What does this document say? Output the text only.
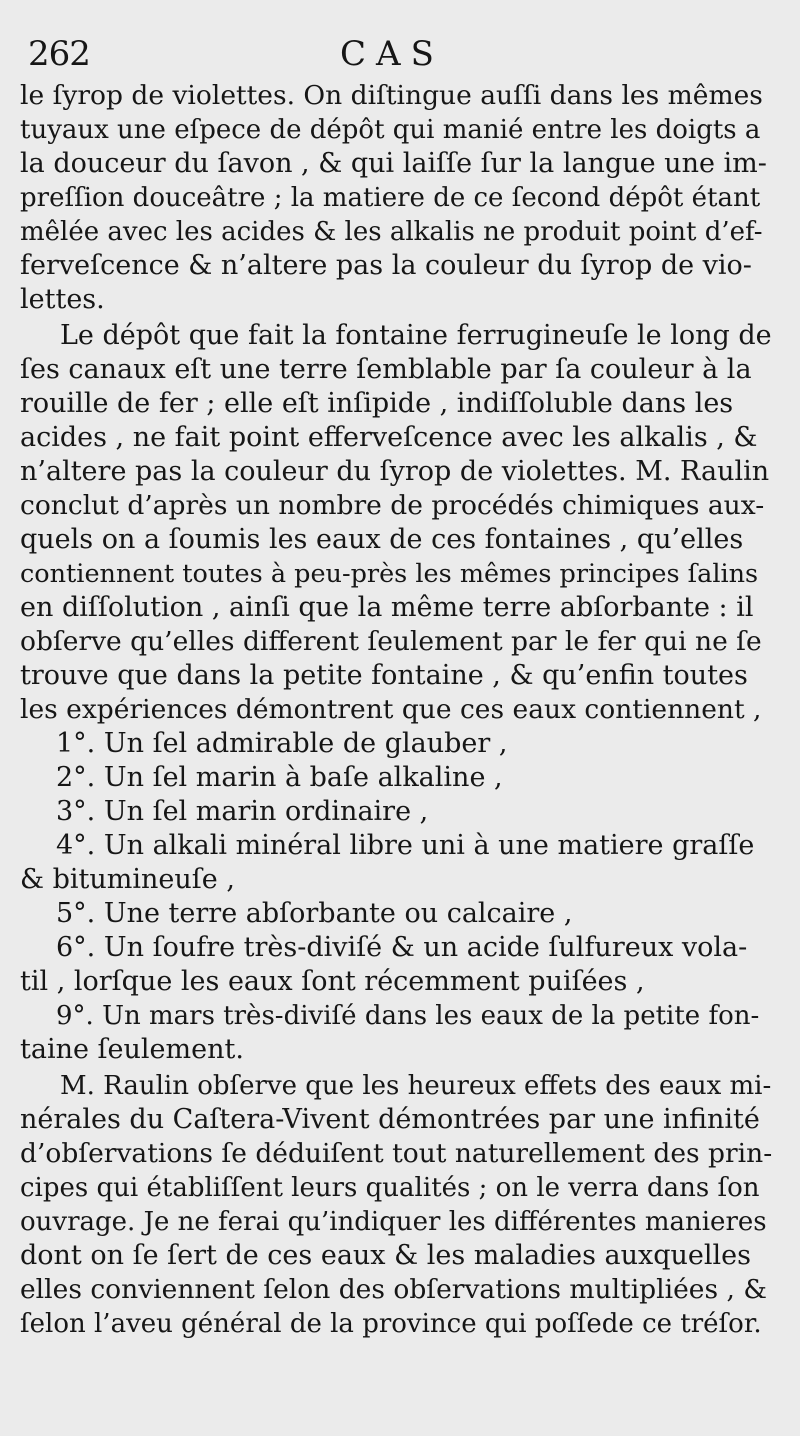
262	CAS
le ſyrop de violettes. On diſtingue auſſi dans les mêmes
tuyaux une eſpece de dépôt qui manié entre les doigts a
la douceur du ſavon , & qui laiſſe ſur la langue une im-
preſſion douceâtre ; la matiere de ce ſecond dépôt étant
mêlée avec les acides & les alkalis ne produit point d’ef-
ferveſcence & n’altere pas la couleur du ſyrop de vio-
lettes.
Le dépôt que fait la fontaine ferrugineuſe le long de
ſes canaux eſt une terre ſemblable par ſa couleur à la
rouille de fer ; elle eſt inſipide , indiſſoluble dans les
acides , ne fait point efferveſcence avec les alkalis , &
n’altere pas la couleur du ſyrop de violettes. M. Raulin
conclut d’après un nombre de procédés chimiques aux-
quels on a ſoumis les eaux de ces fontaines , qu’elles
contiennent toutes à peu-près les mêmes principes ſalins
en diſſolution , ainſi que la même terre abſorbante : il
obſerve qu’elles different ſeulement par le fer qui ne ſe
trouve que dans la petite fontaine , & qu’enfin toutes
les expériences démontrent que ces eaux contiennent ,
1°. Un ſel admirable de glauber ,
2°. Un ſel marin à baſe alkaline ,
3°. Un ſel marin ordinaire ,
4°. Un alkali minéral libre uni à une matiere graſſe
& bitumineuſe ,
5°. Une terre abſorbante ou calcaire ,
6°. Un ſoufre très-diviſé & un acide ſulfureux vola-
til , lorſque les eaux ſont récemment puiſées ,
9°. Un mars très-diviſé dans les eaux de la petite fon-
taine ſeulement.
M. Raulin obſerve que les heureux effets des eaux mi-
nérales du Caſtera-Vivent démontrées par une infinité
d’obſervations ſe déduiſent tout naturellement des prin-
cipes qui établiſſent leurs qualités ; on le verra dans ſon
ouvrage. Je ne ferai qu’indiquer les différentes manieres
dont on ſe ſert de ces eaux & les maladies auxquelles
elles conviennent ſelon des obſervations multipliées , &
ſelon l’aveu général de la province qui poſſede ce tréſor.
